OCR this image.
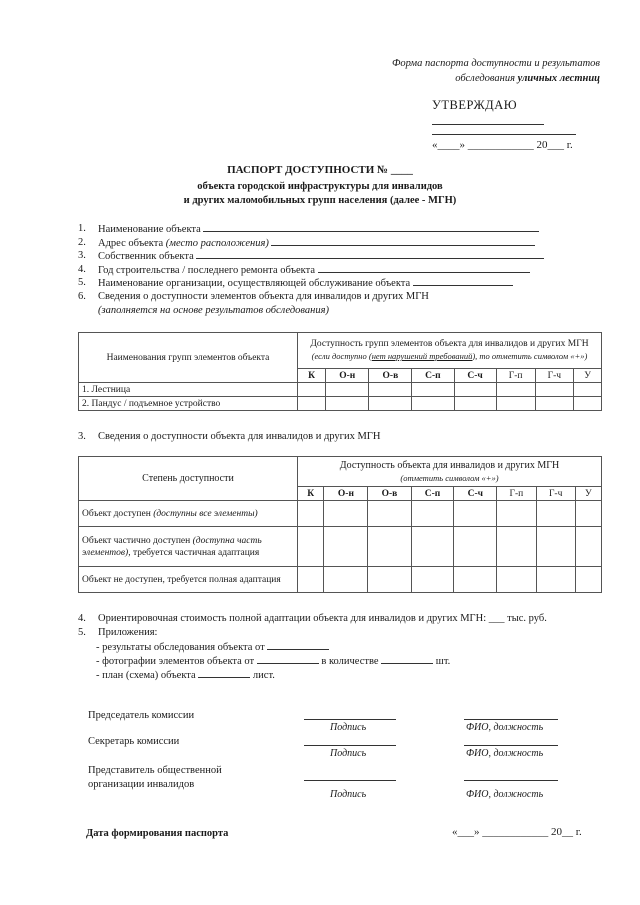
Форма паспорта доступности и результатов
обследования уличных лестниц
УТВЕРЖДАЮ
«____» ____________ 20___ г.
ПАСПОРТ ДОСТУПНОСТИ № ____
объекта городской инфраструктуры для инвалидов
и других маломобильных групп населения (далее - МГН)
1.	Наименование объекта
2.	Адрес объекта (место расположения)
3.	Собственник объекта
4.	Год строительства / последнего ремонта объекта
5.	Наименование организации, осуществляющей обслуживание объекта
6.	Сведения о доступности элементов объекта для инвалидов и других МГН
(заполняется на основе результатов обследования)
Наименования групп элементов объекта	Доступность групп элементов объекта для инвалидов и других МГН (если доступно (нет нарушений требований), то отметить символом «+»)							
	К	О-н	О-в	С-п	С-ч	Г-п	Г-ч	У
1. Лестница								
2. Пандус / подъемное устройство								
3. Сведения о доступности объекта для инвалидов и других МГН
Степень доступности	Доступность объекта для инвалидов и других МГН
(отметить символом «+»)							

	К	О-н	О-в	С-п	С-ч	Г-п	Г-ч	У
Объект доступен (доступны все элементы)								
Объект частично доступен (доступна часть элементов), требуется частичная адаптация								
Объект не доступен, требуется полная адаптация								
4. Ориентировочная стоимость полной адаптации объекта для инвалидов и других МГН: ___ тыс. руб.
5. Приложения:
- результаты обследования объекта от
- фотографии элементов объекта от	в количестве	шт.
- план (схема) объекта	лист.
Председатель комиссии
Подпись	ФИО, должность
Секретарь комиссии
Подпись	ФИО, должность
Представитель общественной
организации инвалидов
Подпись	ФИО, должность
Дата формирования паспорта	«___» ____________ 20__ г.
